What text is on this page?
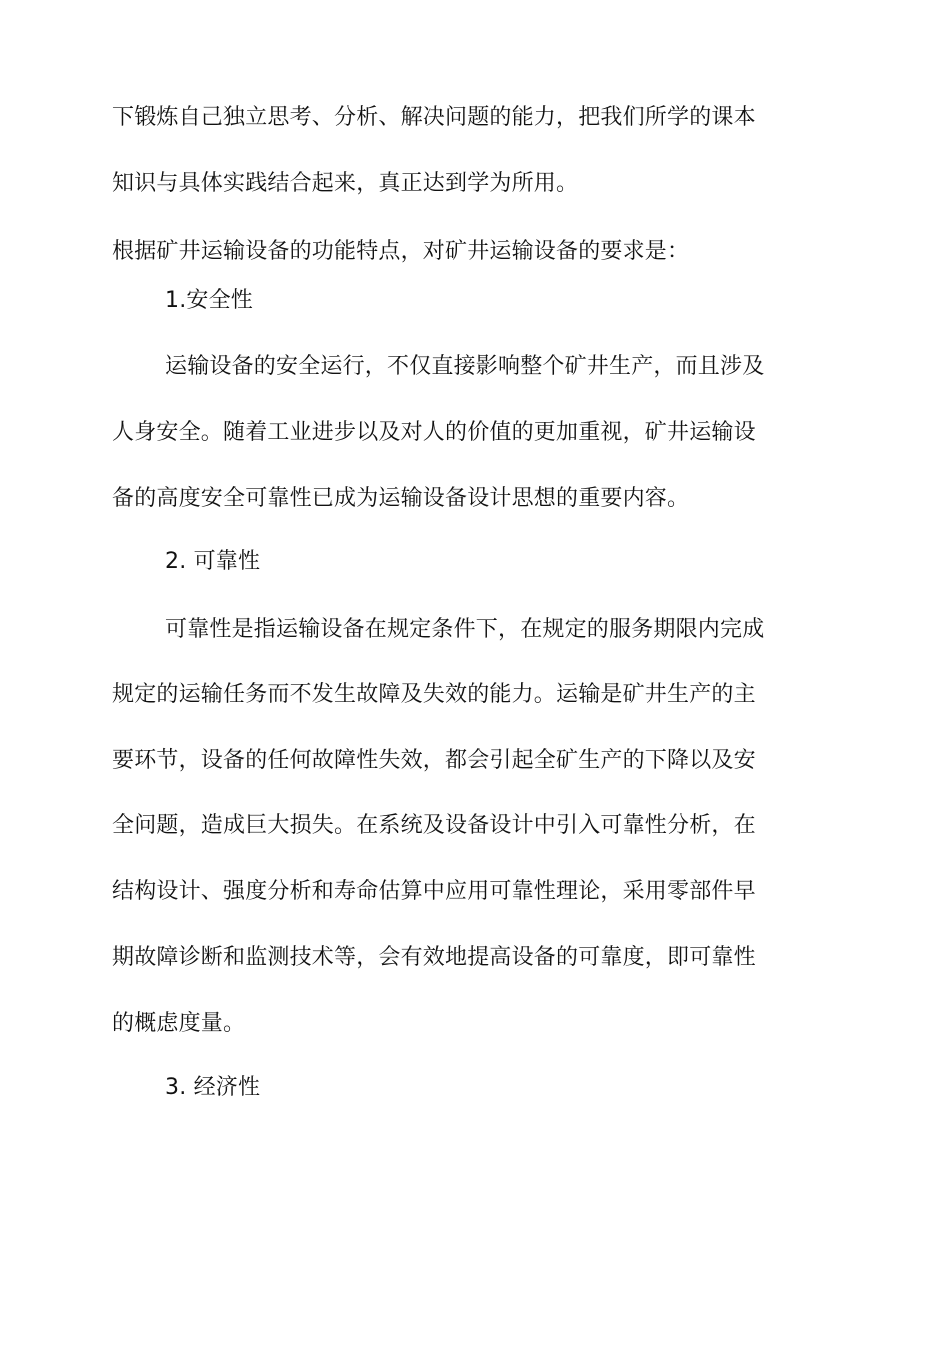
下锻炼自己独立思考、分析、解决问题的能力，把我们所学的课本
知识与具体实践结合起来，真正达到学为所用。
根据矿井运输设备的功能特点，对矿井运输设备的要求是：
1.安全性
运输设备的安全运行，不仅直接影响整个矿井生产，而且涉及
人身安全。随着工业进步以及对人的价值的更加重视，矿井运输设
备的高度安全可靠性已成为运输设备设计思想的重要内容。
2. 可靠性
可靠性是指运输设备在规定条件下，在规定的服务期限内完成
规定的运输任务而不发生故障及失效的能力。运输是矿井生产的主
要环节，设备的任何故障性失效，都会引起全矿生产的下降以及安
全问题，造成巨大损失。在系统及设备设计中引入可靠性分析，在
结构设计、强度分析和寿命估算中应用可靠性理论，采用零部件早
期故障诊断和监测技术等，会有效地提高设备的可靠度，即可靠性
的概虑度量。
3. 经济性
